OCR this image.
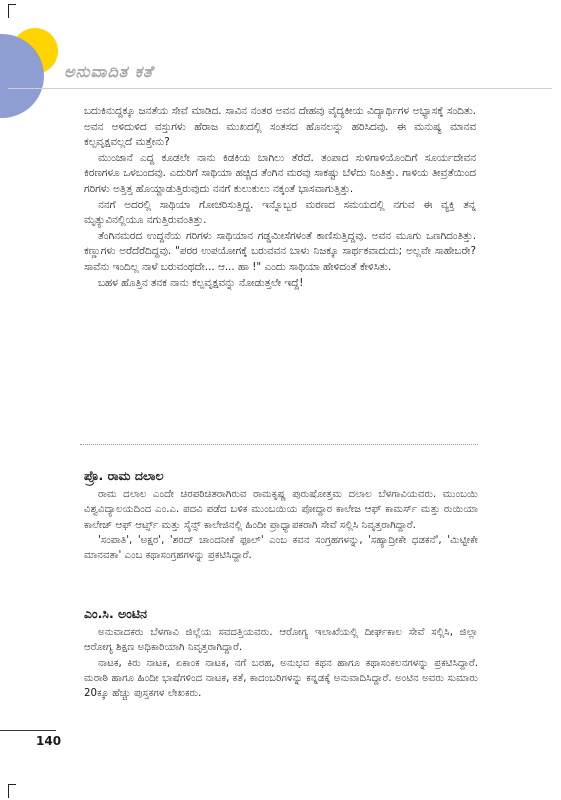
ಅನುವಾದಿತ ಕತೆ

ಬದುಕಿನುದ್ದಕ್ಕೂ ಜನತೆಯ ಸೇವೆ ಮಾಡಿದ. ಸಾವಿನ ನಂತರ ಅವನ ದೇಹವು ವೈದ್ಯಕೀಯ ವಿದ್ಯಾರ್ಥಿಗಳ ಅಭ್ಯಾಸಕ್ಕೆ ಸಂದಿತು. ಅವನ ಅಳಿದುಳಿದ ವಸ್ತುಗಳು ಹೆರಾಜ ಮುಖದಲ್ಲಿ ಸಂತಸದ ಹೊನಲನ್ನು ಹರಿಸಿದವು. ಈ ಮನುಷ್ಯ ಮಾನವ ಕಲ್ಪವೃಕ್ಷವಲ್ಲದೆ ಮತ್ತೇನು?

ಮುಂಜಾನೆ ಎದ್ದ ಕೂಡಲೇ ನಾನು ಕಿಡಕಿಯ ಬಾಗಿಲು ತೆರೆದೆ. ತಂಪಾದ ಸುಳಿಗಾಳಿಯೊಂದಿಗೆ ಸೂರ್ಯದೇವನ ಕಿರಣಗಳೂ ಒಳಬಂದವು. ಎದುರಿಗೆ ಸಾಥಿಯಾ ಹಚ್ಚಿದ ತೆಂಗಿನ ಮರವು ಸಾಕಷ್ಟು ಬೆಳೆದು ನಿಂತಿತ್ತು. ಗಾಳಿಯ ತೀವ್ರತೆಯಿಂದ ಗರಿಗಳು ಅತ್ತಿತ್ತ ಹೊಯ್ದಾಡುತ್ತಿರುವುದು ನನಗೆ ಕುಲುಕುಲು ನಕ್ಕಂತೆ ಭಾಸವಾಗುತ್ತಿತ್ತು.

ನನಗೆ ಅದರಲ್ಲಿ ಸಾಥಿಯಾ ಗೋಚರಿಸುತ್ತಿದ್ದ. ಇನ್ನೊಬ್ಬರ ಮರಣದ ಸಮಯದಲ್ಲಿ ನಗುವ ಈ ವ್ಯಕ್ತಿ ತನ್ನ ಮೃತ್ಯುವಿನಲ್ಲಿಯೂ ನಗುತ್ತಿರುವಂತಿತ್ತು.

ತೆಂಗಿನಮರದ ಉದ್ದನೆಯ ಗರಿಗಳು ಸಾಥಿಯಾನ ಗಡ್ಡಮೀಸೆಗಳಂತೆ ಕಾಣಿಸುತ್ತಿದ್ದವು. ಅವನ ಮೂಗು ಒಣಗಿದಂತಿತ್ತು. ಕಣ್ಣುಗಳು ಅರೆದೆರೆದಿದ್ದವು. "ಪರರ ಉಪಯೋಗಕ್ಕೆ ಬರುವವನ ಬಾಳು ನಿಜಕ್ಕೂ ಸಾರ್ಥಕವಾದುದು; ಅಲ್ಲವೇ ಸಾಹೇಬರೇ? ಸಾವೆನು ಇಂದಿಲ್ಲ ನಾಳೆ ಬರುವಂಥದೇ... ಆ... ಹಾ !" ಎಂದು ಸಾಥಿಯಾ ಹೇಳಿದಂತೆ ಕೇಳಿಸಿತು.

ಬಹಳ ಹೊತ್ತಿನ ತನಕ ನಾನು ಕಲ್ಪವೃಕ್ಷವನ್ನು ನೋಡುತ್ತಲೇ ಇದ್ದೆ!

ಪ್ರೊ. ರಾಮ ದಲಾಲ

ರಾಮ ದಲಾಲ ಎಂದೇ ಚಿರಪರಿಚಿತರಾಗಿರುವ ರಾಮಕೃಷ್ಣ ಪುರುಷೋತ್ತಮ ದಲಾಲ ಬೆಳಗಾವಿಯವರು. ಮುಂಬಯಿ ವಿಶ್ವವಿದ್ಯಾಲಯದಿಂದ ಎಂ.ಎ. ಪದವಿ ಪಡೆದ ಬಳಿಕ ಮುಂಬಯಿಯ ಪೋದ್ದಾರ ಕಾಲೇಜ ಆಫ್ ಕಾಮರ್ಸ್ ಮತ್ತು ರುಯಿಯಾ ಕಾಲೇಜ್ ಆಫ್ ಆರ್ಟ್ಸ್ ಮತ್ತು ಸೈನ್ಸ್ ಕಾಲೇಜಿನಲ್ಲಿ ಹಿಂದೀ ಪ್ರಾಧ್ಯಾಪಕರಾಗಿ ಸೇವೆ ಸಲ್ಲಿಸಿ ನಿವೃತ್ತರಾಗಿದ್ದಾರೆ.

'ಸಂಪಾತಿ', 'ಅಕ್ಷರ', 'ಶರದ್ ಚಾಂದನೀಕೆ ಫೂಲ್' ಎಂಬ ಕವನ ಸಂಗ್ರಹಗಳನ್ನು, 'ಸಹ್ಯಾದ್ರೀಕೇ ಧಡಕನೆ', 'ಮಿಟ್ಟೀಕೇ ಮಾನವತಾ' ಎಂಬ ಕಥಾಸಂಗ್ರಹಗಳನ್ನು ಪ್ರಕಟಿಸಿದ್ದಾರೆ.

ಎಂ.ಸಿ. ಅಂಟಿನ

ಅನುವಾದಕರು ಬೆಳಗಾವಿ ಜಿಲ್ಲೆಯ ಸವದತ್ತಿಯವರು. ಆರೋಗ್ಯ ಇಲಾಖೆಯಲ್ಲಿ ದೀರ್ಘಕಾಲ ಸೇವೆ ಸಲ್ಲಿಸಿ, ಜಿಲ್ಲಾ ಆರೋಗ್ಯ ಶಿಕ್ಷಣ ಅಧಿಕಾರಿಯಾಗಿ ನಿವೃತ್ತರಾಗಿದ್ದಾರೆ.

ನಾಟಕ, ಕಿರು ನಾಟಕ, ಏಕಾಂಕ ನಾಟಕ, ನಗೆ ಬರಹ, ಅನುಭವ ಕಥನ ಹಾಗೂ ಕಥಾಸಂಕಲನಗಳನ್ನು ಪ್ರಕಟಿಸಿದ್ದಾರೆ. ಮರಾಠಿ ಹಾಗೂ ಹಿಂದೀ ಭಾಷೆಗಳಿಂದ ನಾಟಕ, ಕತೆ, ಕಾದಂಬರಿಗಳನ್ನು ಕನ್ನಡಕ್ಕೆ ಅನುವಾದಿಸಿದ್ದಾರೆ. ಅಂಟಿನ ಅವರು ಸುಮಾರು 20ಕ್ಕೂ ಹೆಚ್ಚು ಪುಸ್ತಕಗಳ ಲೇಖಕರು.

140
